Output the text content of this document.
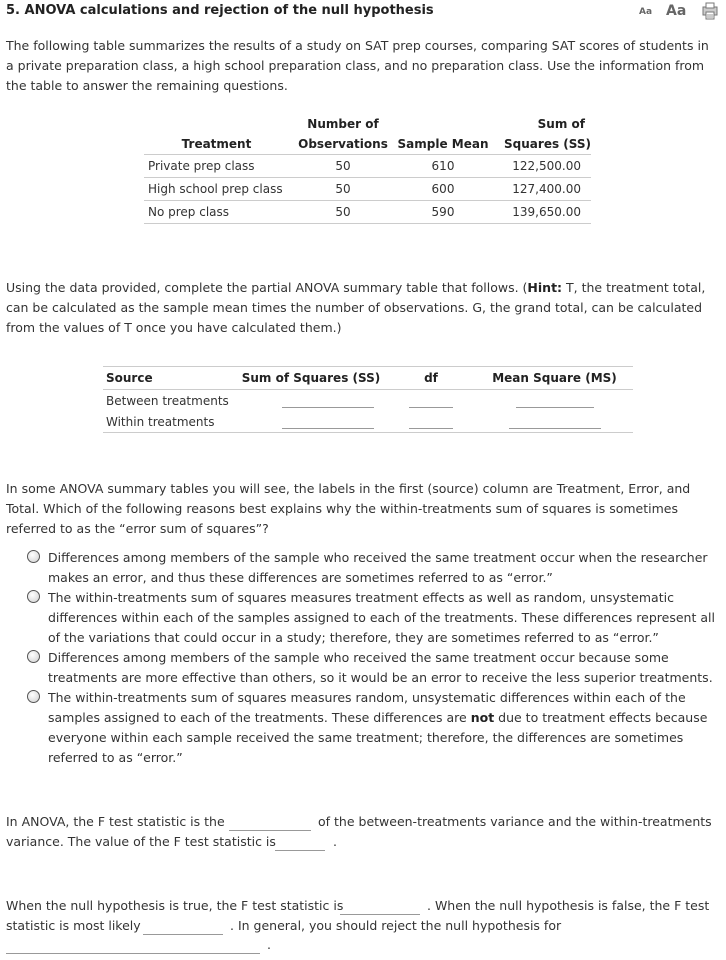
5. ANOVA calculations and rejection of the null hypothesis	Aa Aa
The following table summarizes the results of a study on SAT prep courses, comparing SAT scores of students in a private preparation class, a high school preparation class, and no preparation class. Use the information from the table to answer the remaining questions.
	Number of		Sum of
Treatment	Observations	Sample Mean	Squares (SS)
Private prep class	50	610	122,500.00
High school prep class	50	600	127,400.00
No prep class	50	590	139,650.00
Using the data provided, complete the partial ANOVA summary table that follows. (Hint: T, the treatment total, can be calculated as the sample mean times the number of observations. G, the grand total, can be calculated from the values of T once you have calculated them.)
Source	Sum of Squares (SS)	df	Mean Square (MS)
Between treatments			
Within treatments			
In some ANOVA summary tables you will see, the labels in the first (source) column are Treatment, Error, and Total. Which of the following reasons best explains why the within-treatments sum of squares is sometimes referred to as the “error sum of squares”?
Differences among members of the sample who received the same treatment occur when the researcher makes an error, and thus these differences are sometimes referred to as “error.”
The within-treatments sum of squares measures treatment effects as well as random, unsystematic differences within each of the samples assigned to each of the treatments. These differences represent all of the variations that could occur in a study; therefore, they are sometimes referred to as “error.”
Differences among members of the sample who received the same treatment occur because some treatments are more effective than others, so it would be an error to receive the less superior treatments.
The within-treatments sum of squares measures random, unsystematic differences within each of the samples assigned to each of the treatments. These differences are not due to treatment effects because everyone within each sample received the same treatment; therefore, the differences are sometimes referred to as “error.”
In ANOVA, the F test statistic is the	of the between-treatments variance and the within-treatments
variance. The value of the F test statistic is	.
When the null hypothesis is true, the F test statistic is	. When the null hypothesis is false, the F test
statistic is most likely	. In general, you should reject the null hypothesis for
.
